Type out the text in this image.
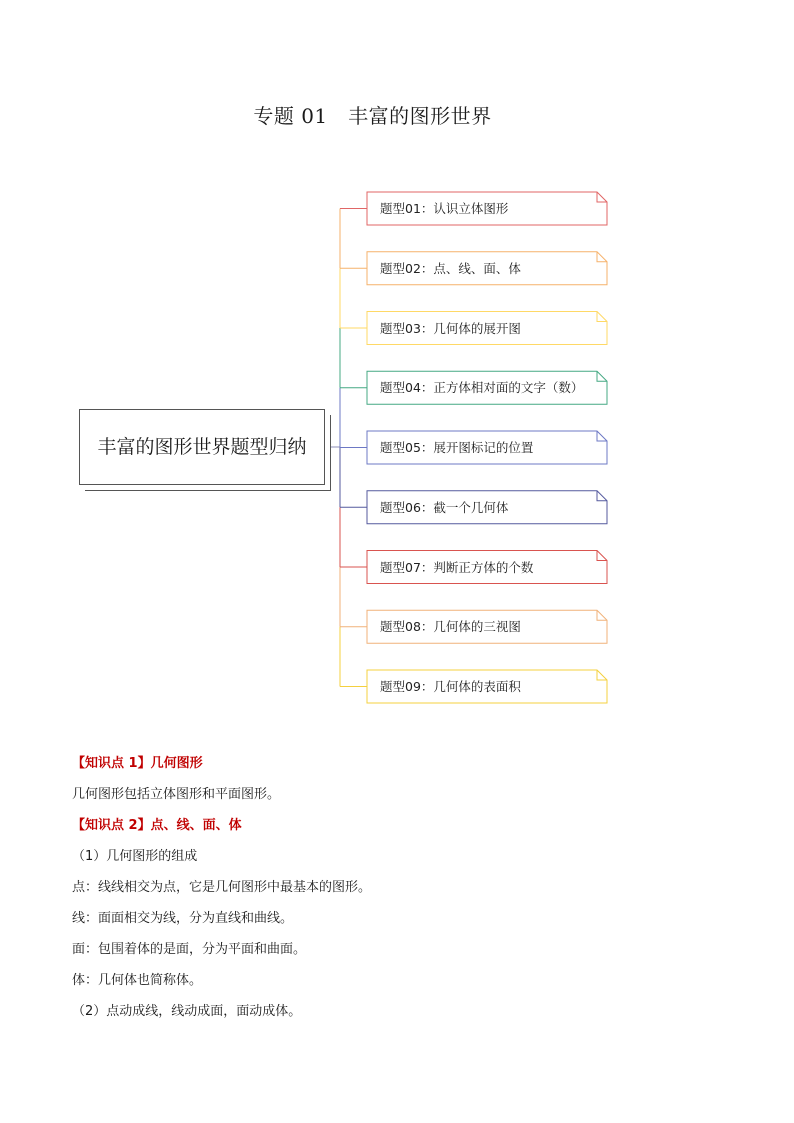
专题 01　丰富的图形世界
丰富的图形世界题型归纳
题型01：认识立体图形
题型02：点、线、面、体
题型03：几何体的展开图
题型04：正方体相对面的文字（数）
题型05：展开图标记的位置
题型06：截一个几何体
题型07：判断正方体的个数
题型08：几何体的三视图
题型09：几何体的表面积

【知识点 1】几何图形

几何图形包括立体图形和平面图形。

【知识点 2】点、线、面、体

（1）几何图形的组成

点：线线相交为点，它是几何图形中最基本的图形。

线：面面相交为线，分为直线和曲线。

面：包围着体的是面，分为平面和曲面。

体：几何体也简称体。

（2）点动成线，线动成面，面动成体。
